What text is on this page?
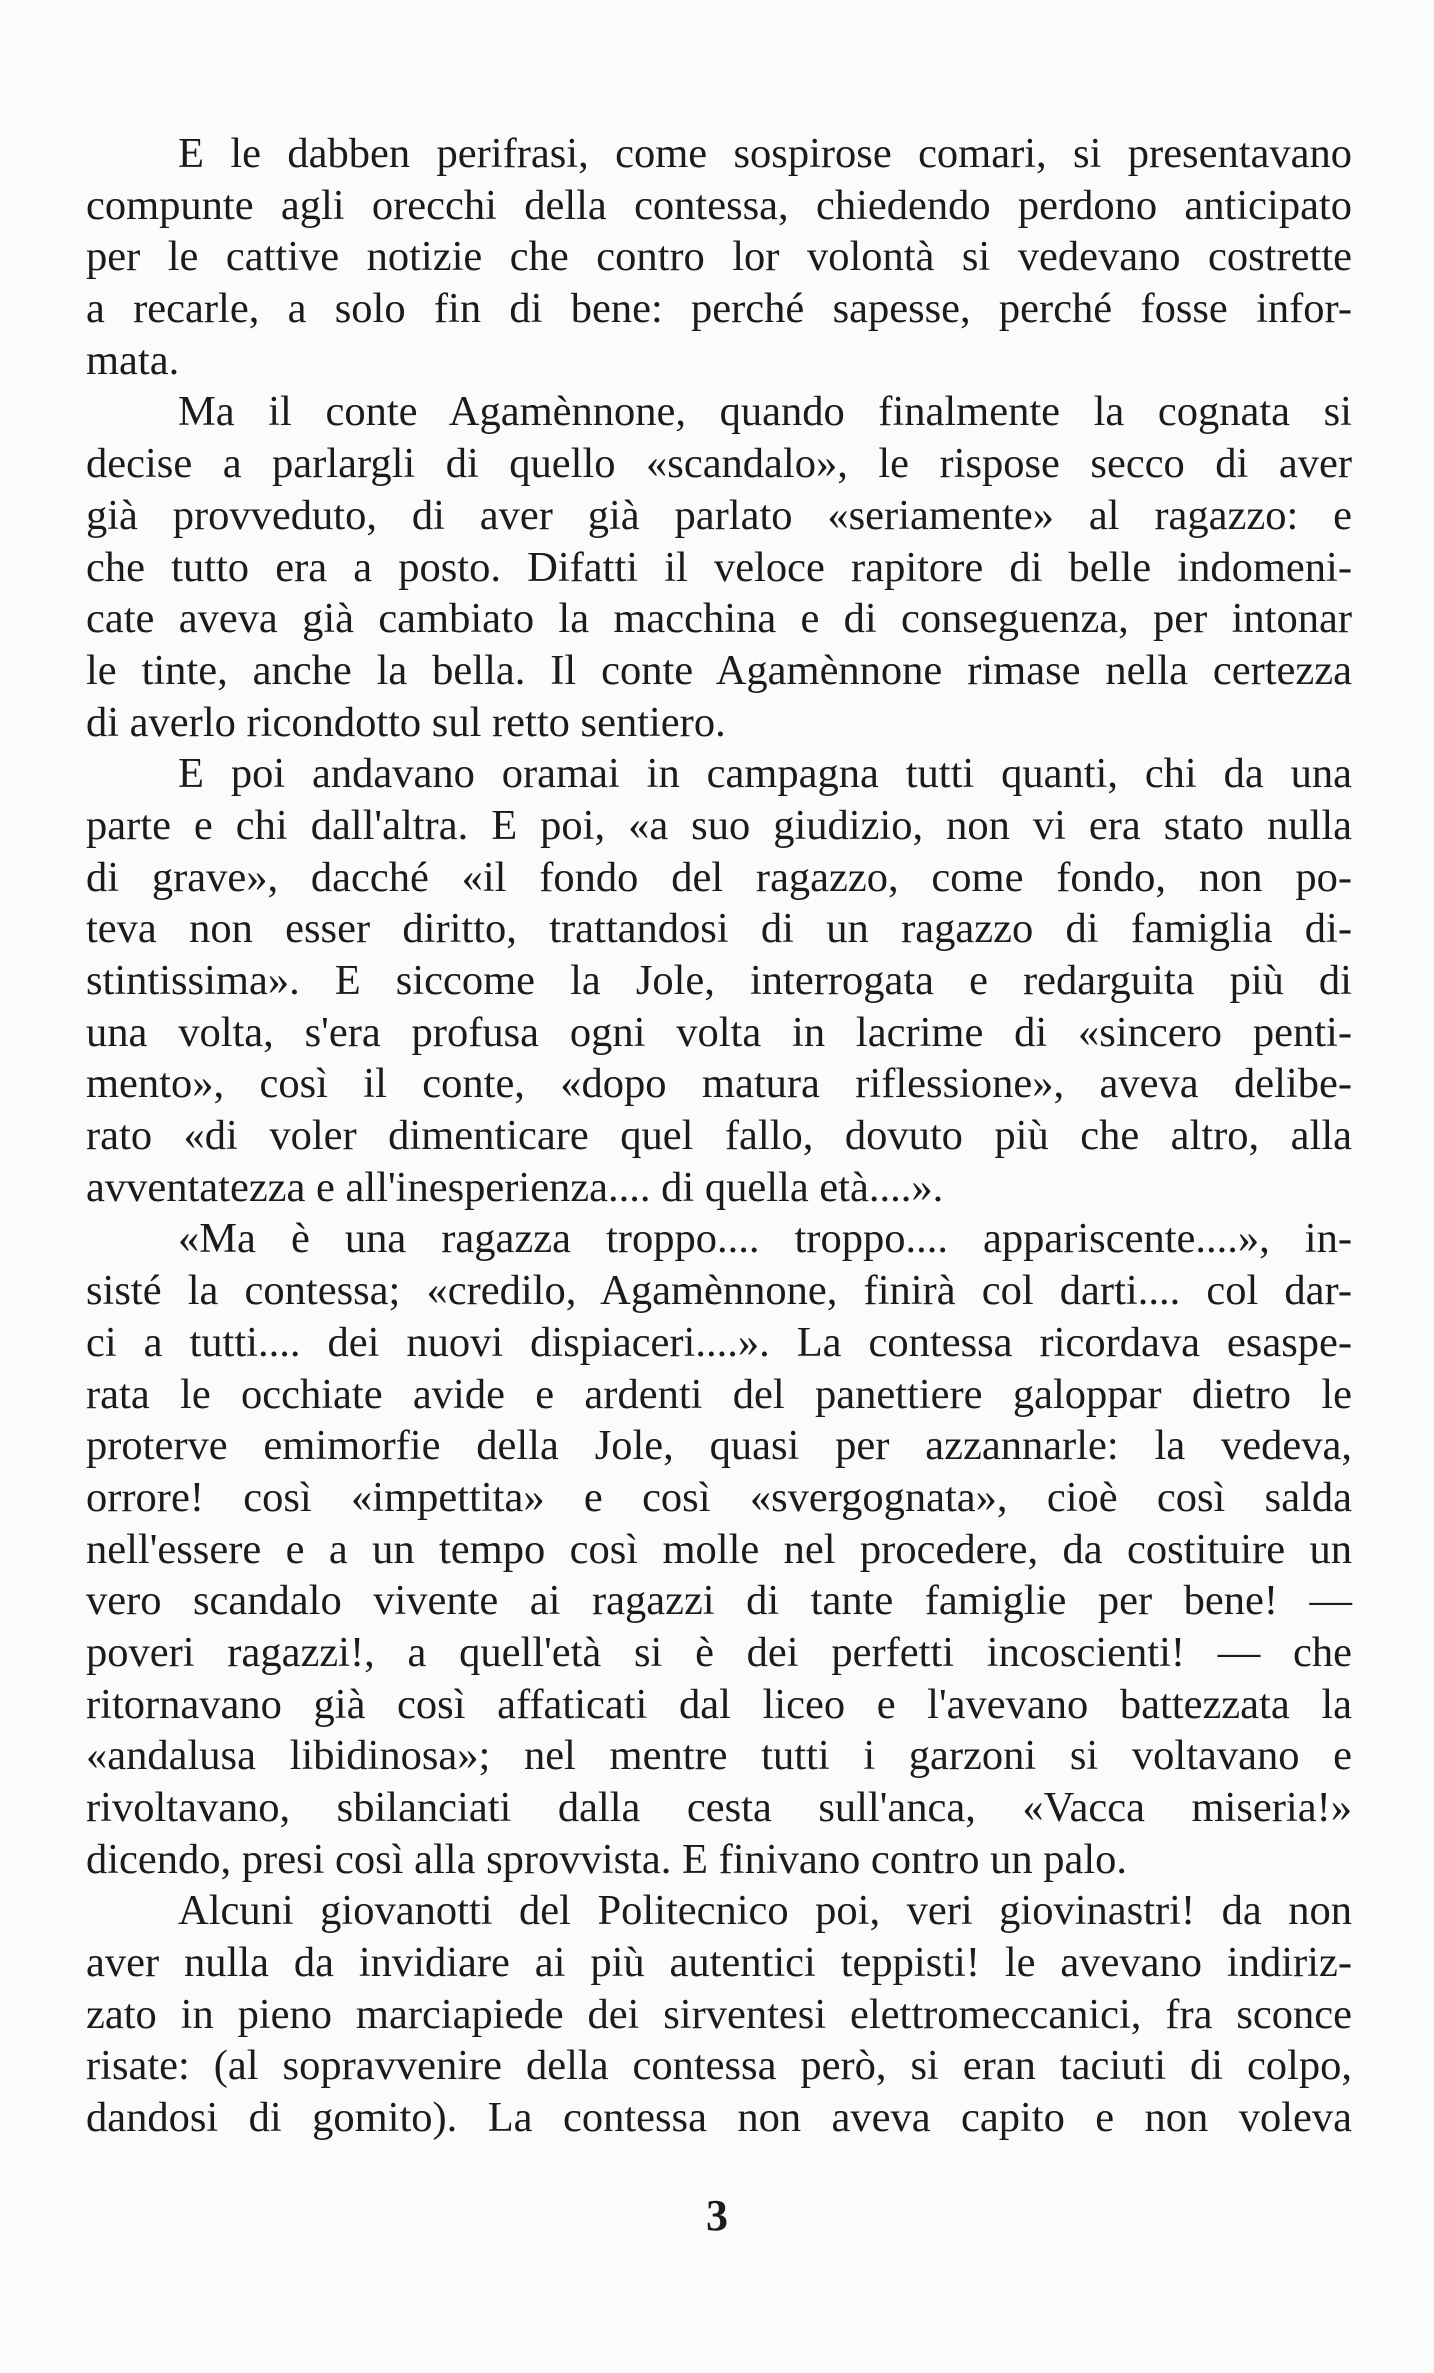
E le dabben perifrasi, come sospirose comari, si presentavano
compunte agli orecchi della contessa, chiedendo perdono anticipato
per le cattive notizie che contro lor volontà si vedevano costrette
a recarle, a solo fin di bene: perché sapesse, perché fosse infor-
mata.
Ma il conte Agamènnone, quando finalmente la cognata si
decise a parlargli di quello «scandalo», le rispose secco di aver
già provveduto, di aver già parlato «seriamente» al ragazzo: e
che tutto era a posto. Difatti il veloce rapitore di belle indomeni-
cate aveva già cambiato la macchina e di conseguenza, per intonar
le tinte, anche la bella. Il conte Agamènnone rimase nella certezza
di averlo ricondotto sul retto sentiero.
E poi andavano oramai in campagna tutti quanti, chi da una
parte e chi dall'altra. E poi, «a suo giudizio, non vi era stato nulla
di grave», dacché «il fondo del ragazzo, come fondo, non po-
teva non esser diritto, trattandosi di un ragazzo di famiglia di-
stintissima». E siccome la Jole, interrogata e redarguita più di
una volta, s'era profusa ogni volta in lacrime di «sincero penti-
mento», così il conte, «dopo matura riflessione», aveva delibe-
rato «di voler dimenticare quel fallo, dovuto più che altro, alla
avventatezza e all'inesperienza.... di quella età....».
«Ma è una ragazza troppo.... troppo.... appariscente....», in-
sisté la contessa; «credilo, Agamènnone, finirà col darti.... col dar-
ci a tutti.... dei nuovi dispiaceri....». La contessa ricordava esaspe-
rata le occhiate avide e ardenti del panettiere galoppar dietro le
proterve emimorfie della Jole, quasi per azzannarle: la vedeva,
orrore! così «impettita» e così «svergognata», cioè così salda
nell'essere e a un tempo così molle nel procedere, da costituire un
vero scandalo vivente ai ragazzi di tante famiglie per bene! —
poveri ragazzi!, a quell'età si è dei perfetti incoscienti! — che
ritornavano già così affaticati dal liceo e l'avevano battezzata la
«andalusa libidinosa»; nel mentre tutti i garzoni si voltavano e
rivoltavano, sbilanciati dalla cesta sull'anca, «Vacca miseria!»
dicendo, presi così alla sprovvista. E finivano contro un palo.
Alcuni giovanotti del Politecnico poi, veri giovinastri! da non
aver nulla da invidiare ai più autentici teppisti! le avevano indiriz-
zato in pieno marciapiede dei sirventesi elettromeccanici, fra sconce
risate: (al sopravvenire della contessa però, si eran taciuti di colpo,
dandosi di gomito). La contessa non aveva capito e non voleva
3
